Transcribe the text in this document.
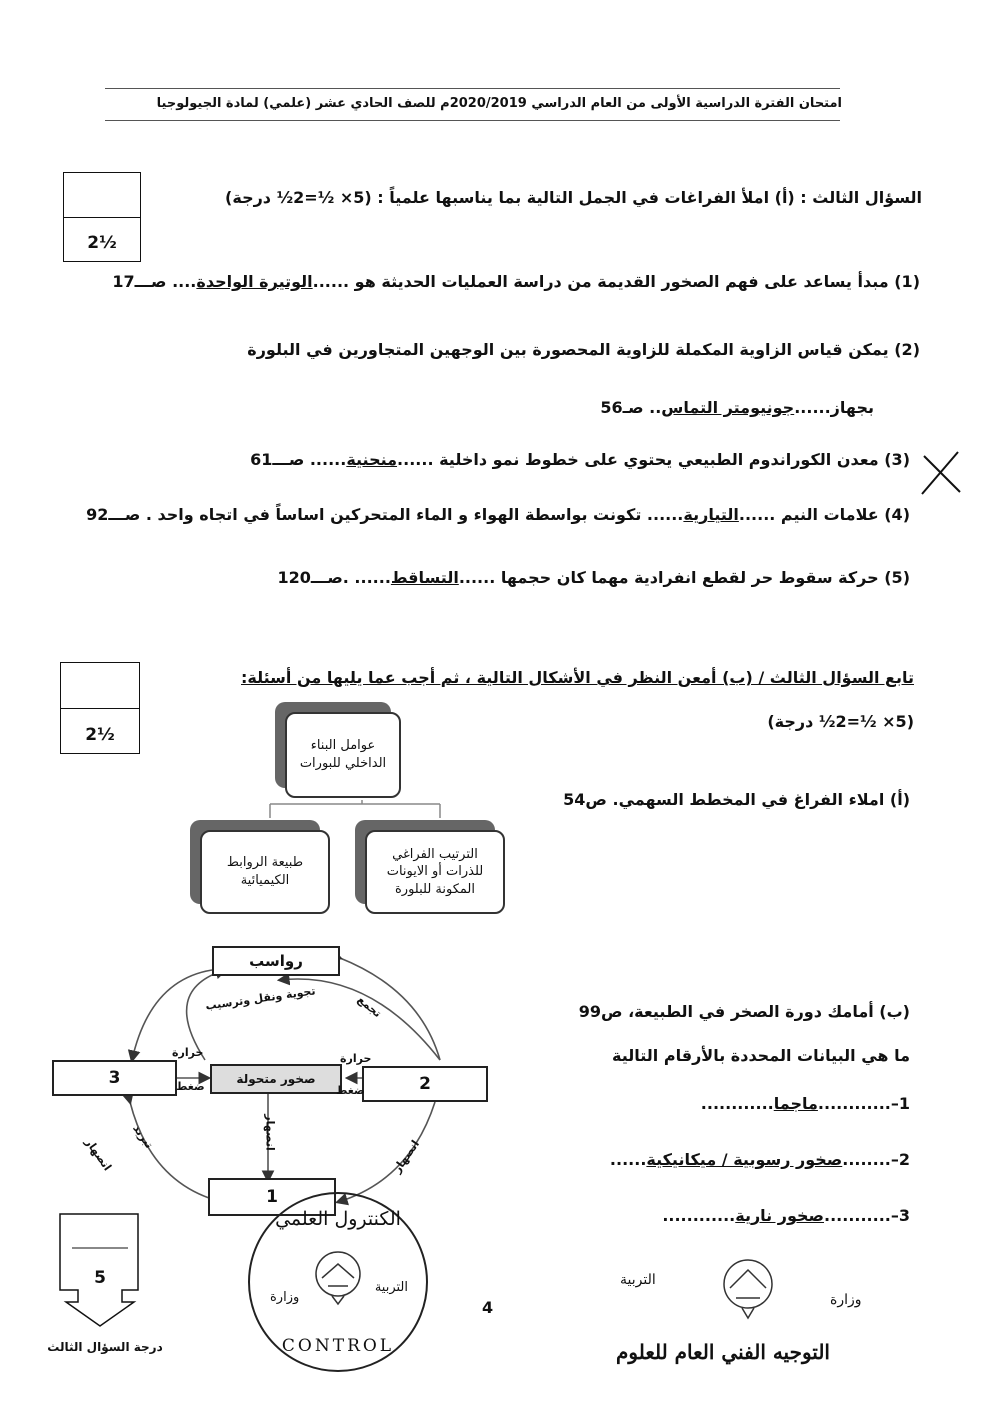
امتحان الفترة الدراسية الأولى من العام الدراسي 2020/2019م للصف الحادي عشر (علمي) لمادة الجيولوجيا
2½
السؤال الثالث : (أ) املأ الفراغات في الجمل التالية بما يناسبها علمياً : (5× ½=2½ درجة)
(1) مبدأ يساعد على فهم الصخور القديمة من دراسة العمليات الحديثة هو ......الوتيرة الواحدة.... صـــ17
(2) يمكن قياس الزاوية المكملة للزاوية المحصورة بين الوجهين المتجاورين في البلورة
بجهاز......جونيومتر التماس.. صـ56
(3) معدن الكوراندوم الطبيعي يحتوي على خطوط نمو داخلية ......منحنية...... صـــ61
(4) علامات النيم ......التيارية...... تكونت بواسطة الهواء و الماء المتحركين اساساً في اتجاه واحد . صـــ92
(5) حركة سقوط حر لقطع انفرادية مهما كان حجمها ......التساقط...... .صـــ120
2½
تابع السؤال الثالث / (ب) أمعن النظر في الأشكال التالية ، ثم أجب عما يليها من أسئلة:
(5× ½=2½ درجة)
(أ) املاء الفراغ في المخطط السهمي. ص54
عوامل البناء الداخلي للبورات
طبيعة الروابط الكيميائية
الترتيب الفراغي للذرات أو الايونات المكونة للبلورة
رواسب
صخور متحولة
3	2
1
تجوية ونقل وترسيب	تجمع
حرارة
ضغط
حرارة
ضغط
انصهار
انصهار
انصهار تبريد
(ب) أمامك دورة الصخر في الطبيعة، ص99
ما هي البيانات المحددة بالأرقام التالية
1–............ماجما............
2–........صخور رسوبية / ميكانيكية......
3–...........صخور نارية............
5
درجة السؤال الثالث
الكنترول العلمي
وزارة
التربية
CONTROL
4
التربية
وزارة
التوجيه الفني العام للعلوم
